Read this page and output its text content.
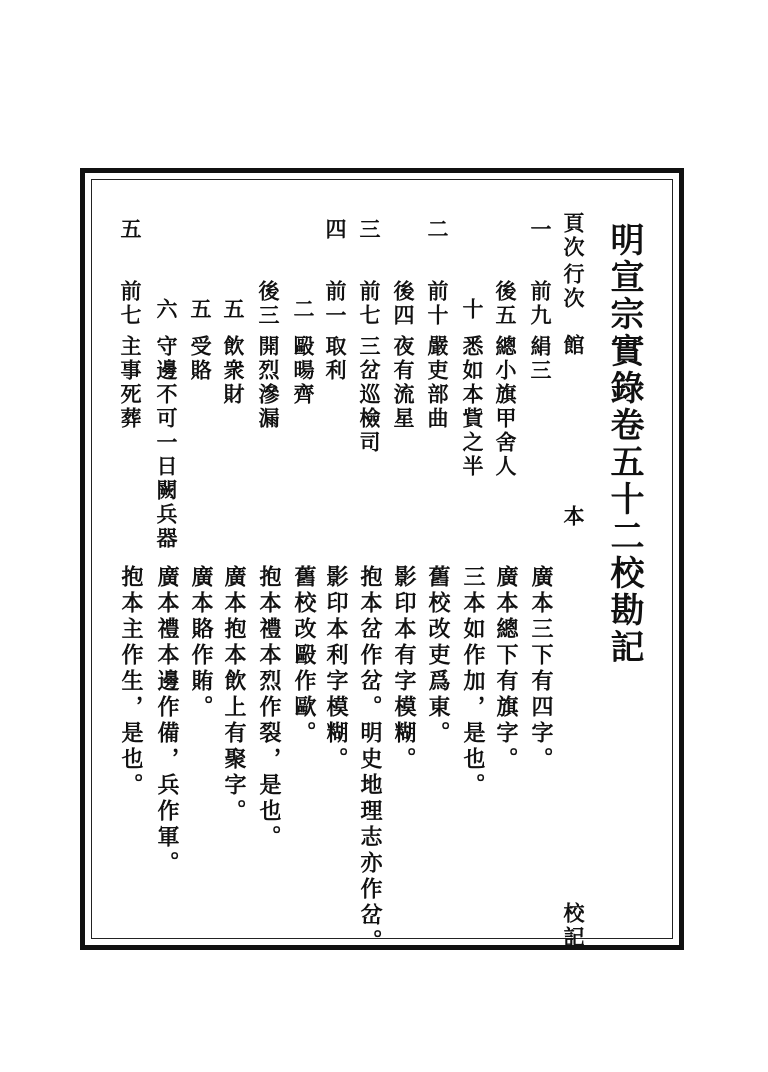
明宣宗實錄卷五十二校勘記
頁次
行次
館本
校記
一
前九
絹三
廣本三下有四字。
後五
總小旗甲舍人
廣本總下有旗字。
十
悉如本貲之半
三本如作加，是也。
二
前十
嚴吏部曲
舊校改吏爲東。
後四
夜有流星
影印本有字模糊。
三
前七
三岔巡檢司
抱本岔作岔。明史地理志亦作岔。
四
前一
取利
影印本利字模糊。
二
毆暘齊
舊校改毆作歐。
後三
開烈滲漏
抱本禮本烈作裂，是也。
五
飲衆財
廣本抱本飲上有聚字。
五
受賂
廣本賂作賄。
六
守邊不可一日闕兵器
廣本禮本邊作備，兵作軍。
五
前七
主事死葬
抱本主作生，是也。
